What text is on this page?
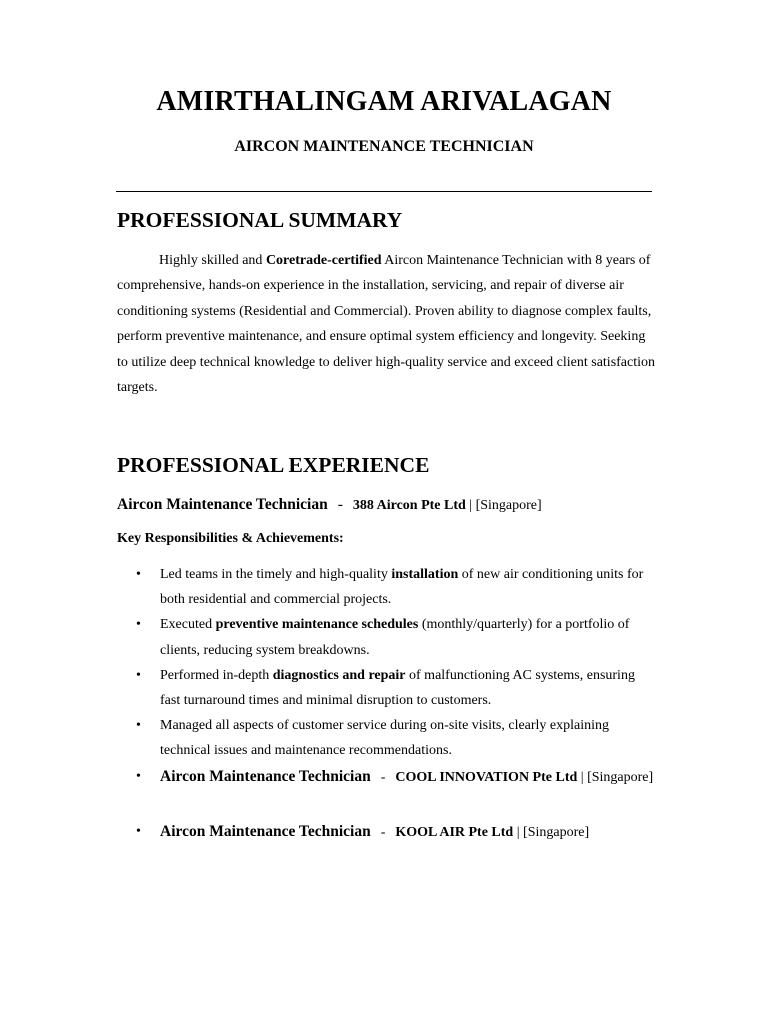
AMIRTHALINGAM ARIVALAGAN
AIRCON MAINTENANCE TECHNICIAN
PROFESSIONAL SUMMARY

Highly skilled and Coretrade-certified Aircon Maintenance Technician with 8 years of comprehensive, hands-on experience in the installation, servicing, and repair of diverse air conditioning systems (Residential and Commercial). Proven ability to diagnose complex faults, perform preventive maintenance, and ensure optimal system efficiency and longevity. Seeking to utilize deep technical knowledge to deliver high-quality service and exceed client satisfaction targets.

PROFESSIONAL EXPERIENCE
Aircon Maintenance Technician - 388 Aircon Pte Ltd | [Singapore]
Key Responsibilities & Achievements:
• Led teams in the timely and high-quality installation of new air conditioning units for both residential and commercial projects.
• Executed preventive maintenance schedules (monthly/quarterly) for a portfolio of clients, reducing system breakdowns.
• Performed in-depth diagnostics and repair of malfunctioning AC systems, ensuring fast turnaround times and minimal disruption to customers.
• Managed all aspects of customer service during on-site visits, clearly explaining technical issues and maintenance recommendations.
• Aircon Maintenance Technician - COOL INNOVATION Pte Ltd | [Singapore]
• Aircon Maintenance Technician - KOOL AIR Pte Ltd | [Singapore]
